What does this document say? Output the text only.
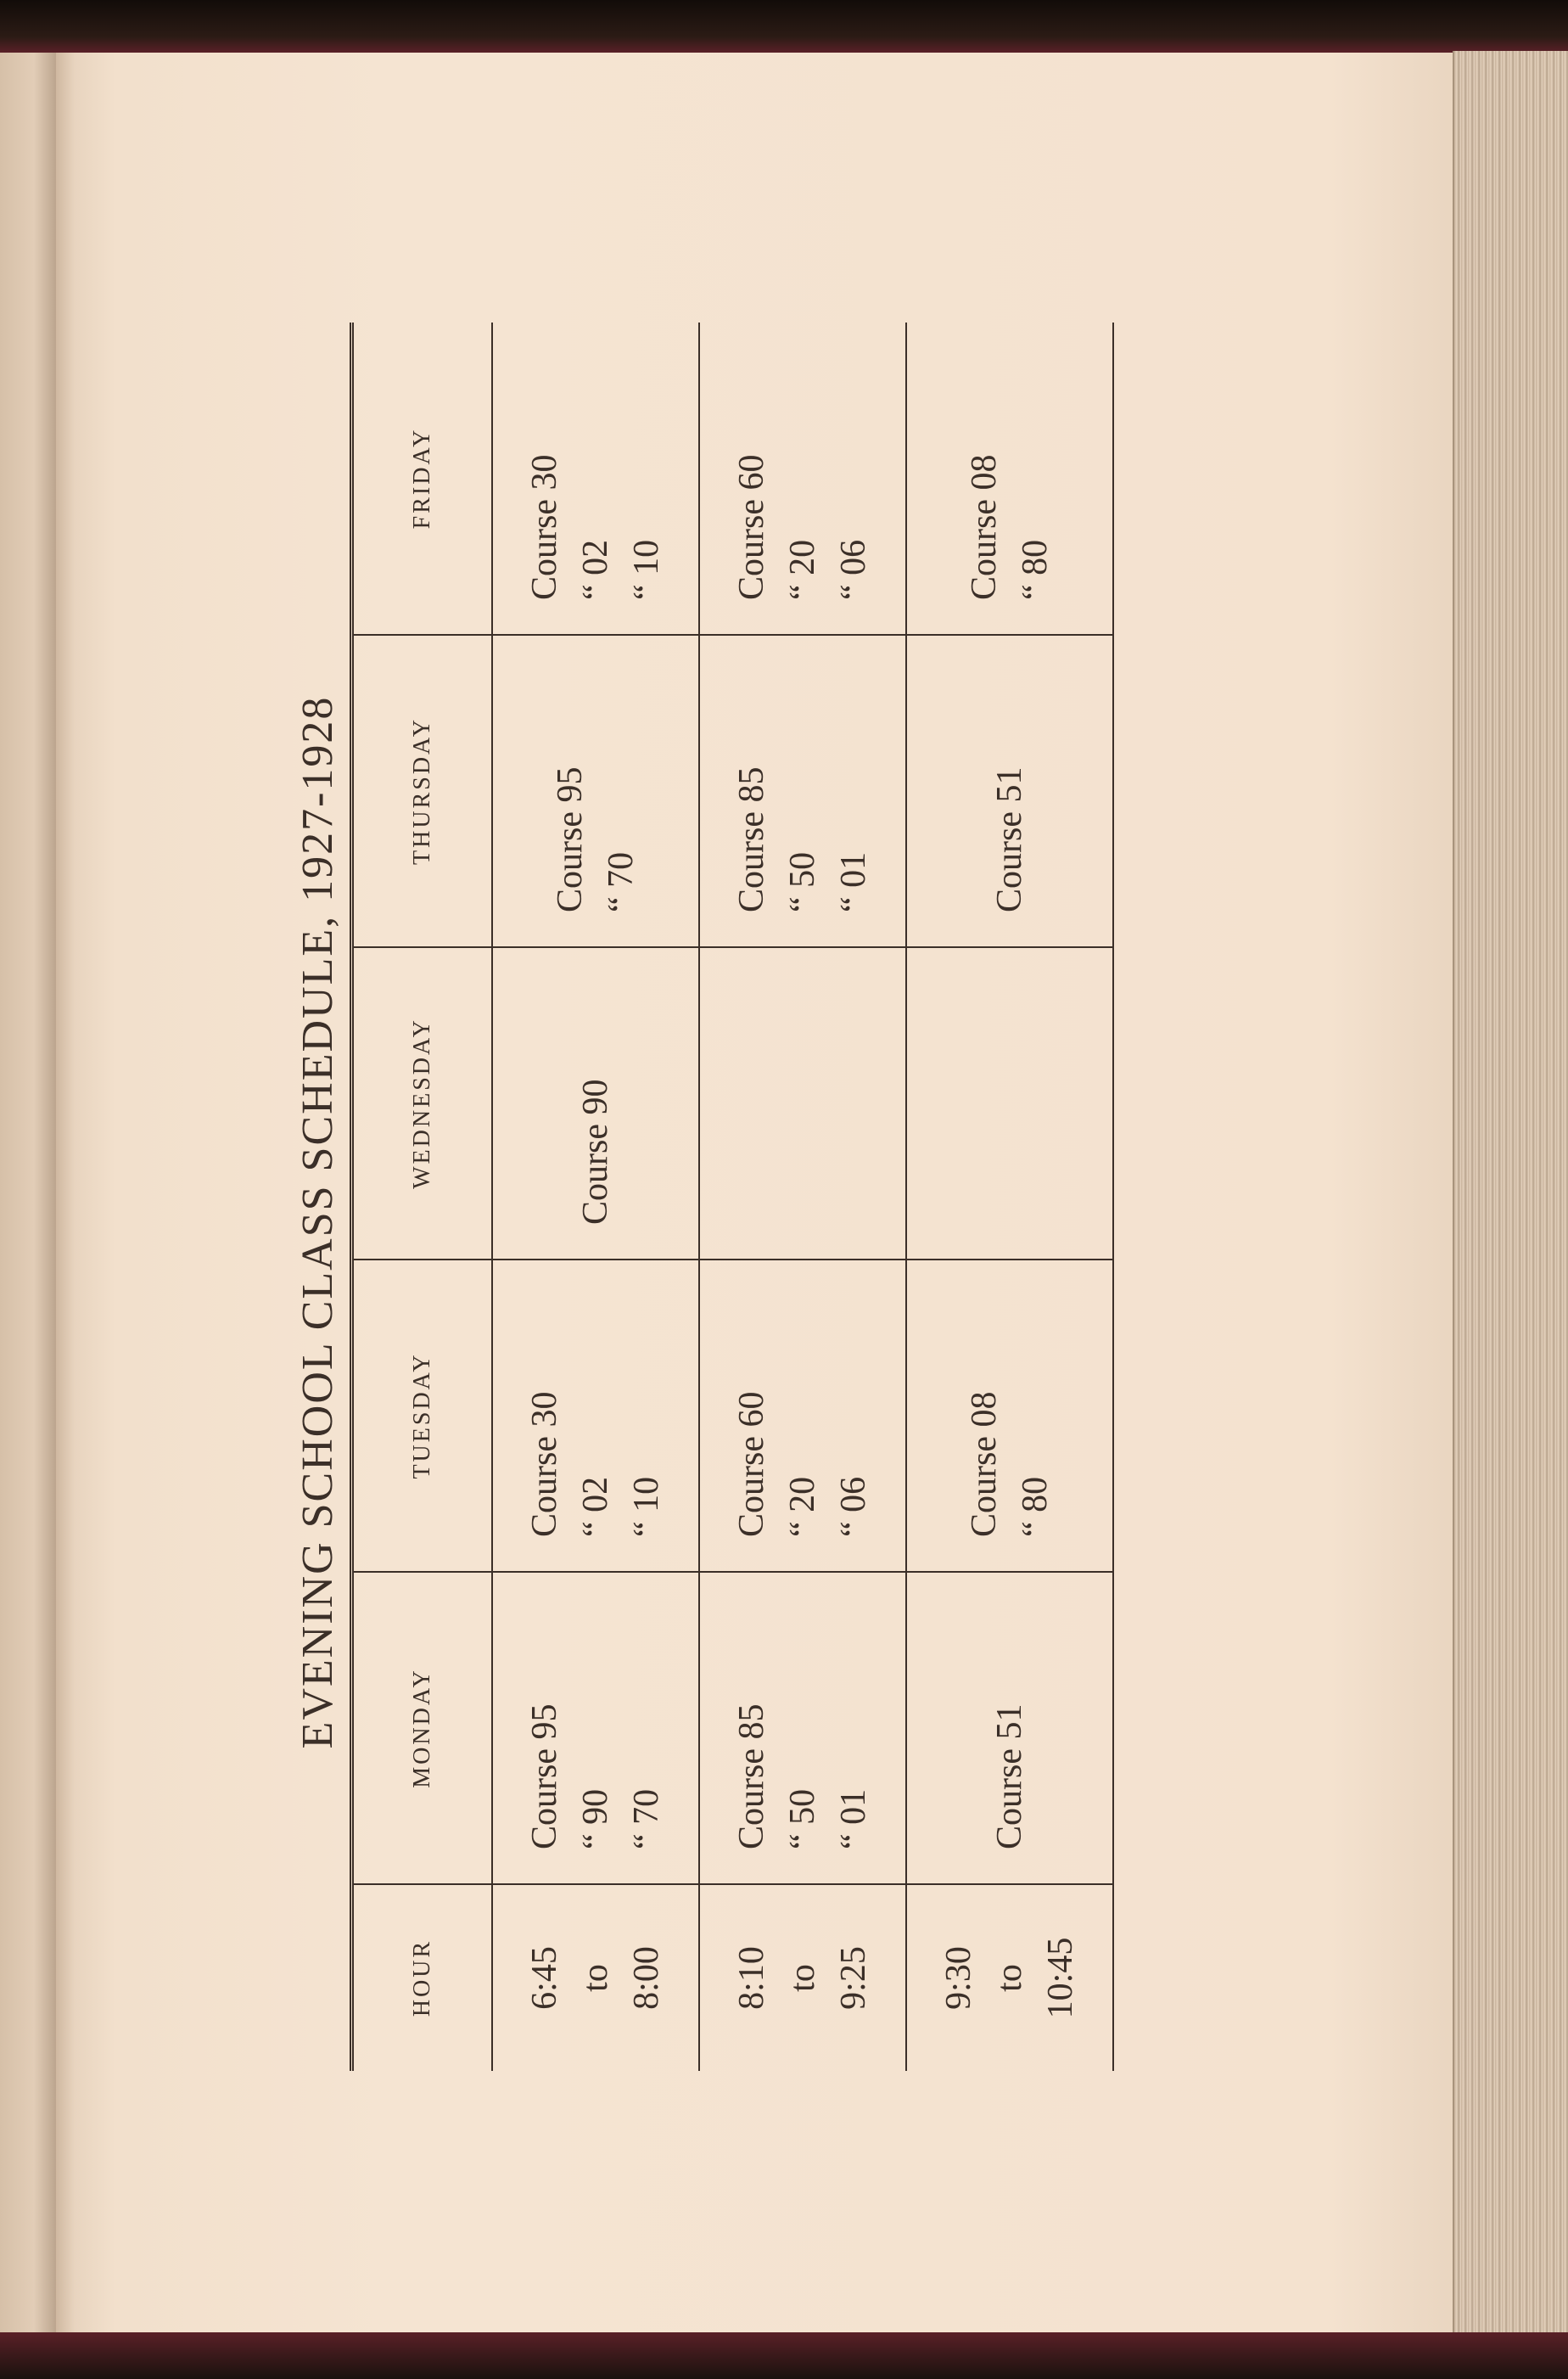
EVENING SCHOOL CLASS SCHEDULE, 1927-1928
HOUR	MONDAY	TUESDAY	WEDNESDAY	THURSDAY	FRIDAY

6:45 to 8:00	Course 95 “ 90 “ 70	Course 30 “ 02 “ 10	Course 90	Course 95 “ 70	Course 30 “ 02 “ 10

8:10 to 9:25	Course 85 “ 50 “ 01	Course 60 “ 20 “ 06		Course 85 “ 50 “ 01	Course 60 “ 20 “ 06

9:30 to 10:45	Course 51	Course 08 “ 80		Course 51	Course 08 “ 80
